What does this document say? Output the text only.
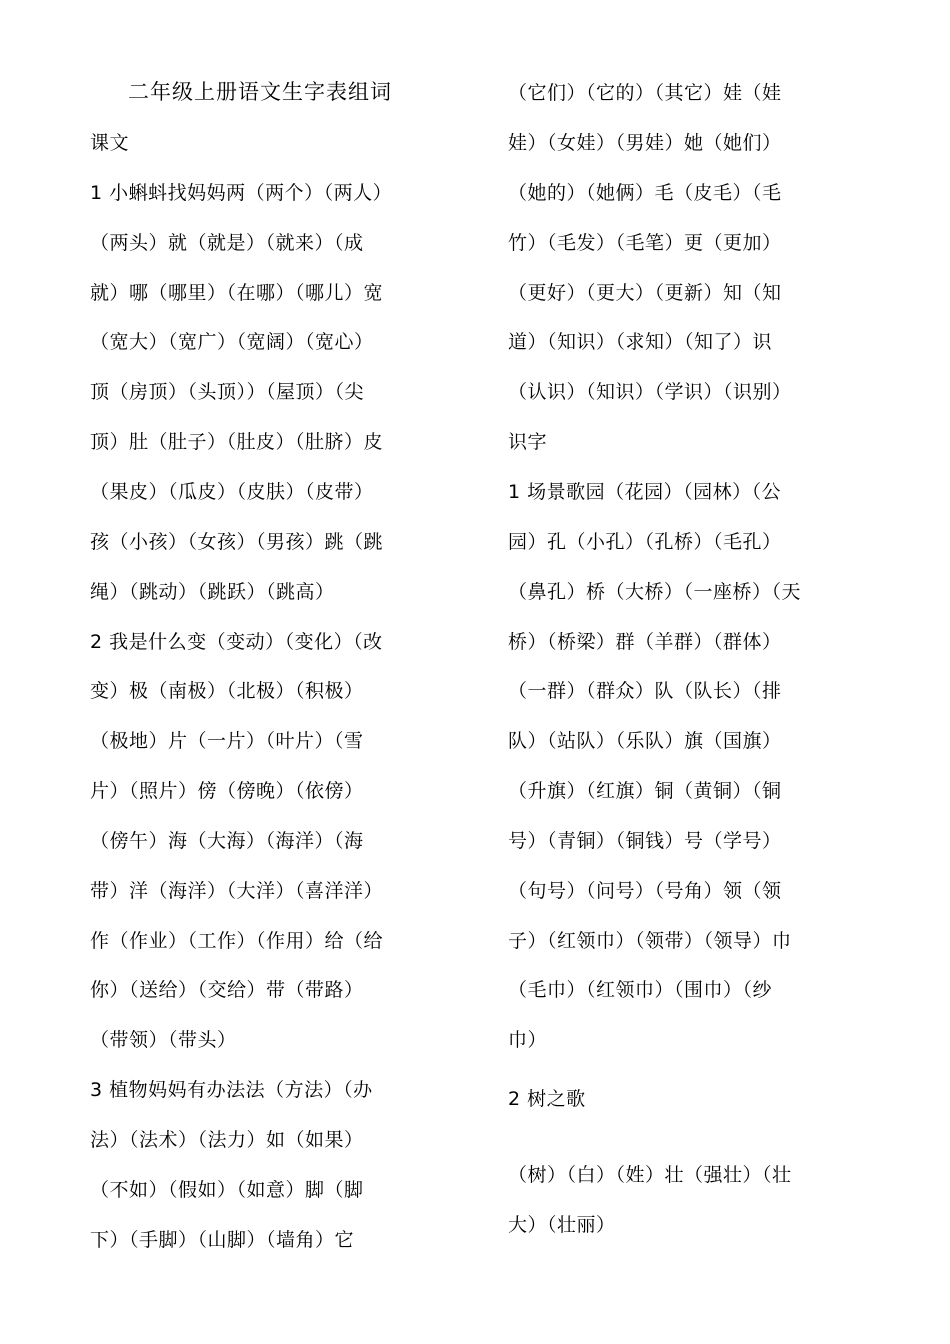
二年级上册语文生字表组词
课文
1 小蝌蚪找妈妈两（两个）（两人）
（两头）就（就是）（就来）（成
就）哪（哪里）（在哪）（哪儿）宽
（宽大）（宽广）（宽阔）（宽心）
顶（房顶）（头顶））（屋顶）（尖
顶）肚（肚子）（肚皮）（肚脐）皮
（果皮）（瓜皮）（皮肤）（皮带）
孩（小孩）（女孩）（男孩）跳（跳
绳）（跳动）（跳跃）（跳高）
2 我是什么变（变动）（变化）（改
变）极（南极）（北极）（积极）
（极地）片（一片）（叶片）（雪
片）（照片）傍（傍晚）（依傍）
（傍午）海（大海）（海洋）（海
带）洋（海洋）（大洋）（喜洋洋）
作（作业）（工作）（作用）给（给
你）（送给）（交给）带（带路）
（带领）（带头）
3 植物妈妈有办法法（方法）（办
法）（法术）（法力）如（如果）
（不如）（假如）（如意）脚（脚
下）（手脚）（山脚）（墙角）它
（它们）（它的）（其它）娃（娃
娃）（女娃）（男娃）她（她们）
（她的）（她俩）毛（皮毛）（毛
竹）（毛发）（毛笔）更（更加）
（更好）（更大）（更新）知（知
道）（知识）（求知）（知了）识
（认识）（知识）（学识）（识别）
识字
1 场景歌园（花园）（园林）（公
园）孔（小孔）（孔桥）（毛孔）
（鼻孔）桥（大桥）（一座桥）（天
桥）（桥梁）群（羊群）（群体）
（一群）（群众）队（队长）（排
队）（站队）（乐队）旗（国旗）
（升旗）（红旗）铜（黄铜）（铜
号）（青铜）（铜钱）号（学号）
（句号）（问号）（号角）领（领
子）（红领巾）（领带）（领导）巾
（毛巾）（红领巾）（围巾）（纱
巾）
2 树之歌
（树）（白）（姓）壮（强壮）（壮
大）（壮丽）
